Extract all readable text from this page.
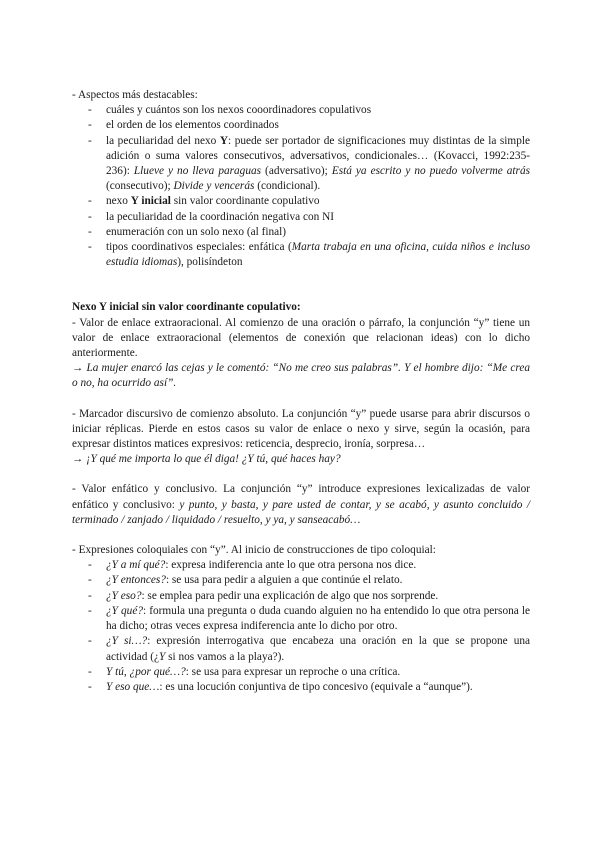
- Aspectos más destacables:

- cuáles y cuántos son los nexos cooordinadores copulativos
- el orden de los elementos coordinados
- la peculiaridad del nexo Y: puede ser portador de significaciones muy distintas de la simple adición o suma valores consecutivos, adversativos, condicionales… (Kovacci, 1992:235-236): Llueve y no lleva paraguas (adversativo); Está ya escrito y no puedo volverme atrás (consecutivo); Divide y vencerás (condicional).
- nexo Y inicial sin valor coordinante copulativo
- la peculiaridad de la coordinación negativa con NI
- enumeración con un solo nexo (al final)
- tipos coordinativos especiales: enfática (Marta trabaja en una oficina, cuida niños e incluso estudia idiomas), polisíndeton

Nexo Y inicial sin valor coordinante copulativo:

- Valor de enlace extraoracional. Al comienzo de una oración o párrafo, la conjunción “y” tiene un valor de enlace extraoracional (elementos de conexión que relacionan ideas) con lo dicho anteriormente.
→ La mujer enarcó las cejas y le comentó: “No me creo sus palabras”. Y el hombre dijo: “Me crea o no, ha ocurrido así”.

- Marcador discursivo de comienzo absoluto. La conjunción “y” puede usarse para abrir discursos o iniciar réplicas. Pierde en estos casos su valor de enlace o nexo y sirve, según la ocasión, para expresar distintos matices expresivos: reticencia, desprecio, ironía, sorpresa…
→ ¡Y qué me importa lo que él diga! ¿Y tú, qué haces hay?

- Valor enfático y conclusivo. La conjunción “y” introduce expresiones lexicalizadas de valor enfático y conclusivo: y punto, y basta, y pare usted de contar, y se acabó, y asunto concluido / terminado / zanjado / liquidado / resuelto, y ya, y sanseacabó…

- Expresiones coloquiales con “y”. Al inicio de construcciones de tipo coloquial:

- ¿Y a mí qué?: expresa indiferencia ante lo que otra persona nos dice.
- ¿Y entonces?: se usa para pedir a alguien a que continúe el relato.
- ¿Y eso?: se emplea para pedir una explicación de algo que nos sorprende.
- ¿Y qué?: formula una pregunta o duda cuando alguien no ha entendido lo que otra persona le ha dicho; otras veces expresa indiferencia ante lo dicho por otro.
- ¿Y si…?: expresión interrogativa que encabeza una oración en la que se propone una actividad (¿Y si nos vamos a la playa?).
- Y tú, ¿por qué…?: se usa para expresar un reproche o una crítica.
- Y eso que…: es una locución conjuntiva de tipo concesivo (equivale a “aunque”).
